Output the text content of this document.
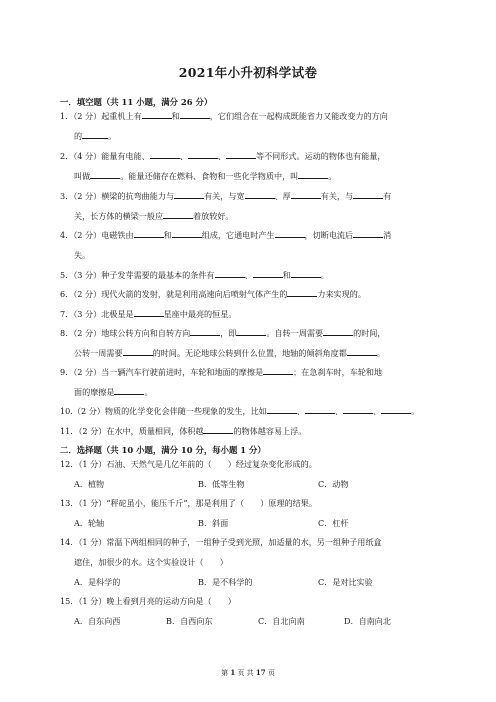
2021年小升初科学试卷
一．填空题（共 11 小题，满分 26 分）
1．（2 分）起重机上有	和	，它们组合在一起构成既能省力又能改变力的方向
的	。
2．（4 分）能量有电能、	、	、	等不同形式。运动的物体也有能量，
叫做	。能量还储存在燃料、食物和一些化学物质中，叫	。
3．（2 分）横梁的抗弯曲能力与	有关，与宽	、厚	有关，与	有
关，长方体的横梁一般应	着放较好。
4．（2 分）电磁铁由	和	组成，它通电时产生	，切断电流后	消
失。
5．（3 分）种子发芽需要的最基本的条件有	、	和	。
6．（2 分）现代火箭的发射，就是利用高速向后喷射气体产生的	力来实现的。
7．（3 分）北极星是	星座中最亮的恒星。
8．（2 分）地球公转方向和自转方向	，即	。自转一周需要	的时间，
公转一周需要	的时间。无论地球公转到什么位置，地轴的倾斜角度都	。
9．（2 分）当一辆汽车行驶前进时，车轮和地面的摩擦是	；在急刹车时，车轮和地
面的摩擦是	。
10.（2 分）物质的化学变化会伴随一些现象的发生，比如	、	、	、	。
11．（2 分）在水中，质量相同，体积越	的物体越容易上浮。
二．选择题（共 10 小题，满分 10 分，每小题 1 分）
12．（1 分）石油、天然气是几亿年前的（　　）经过复杂变化形成的。
A．植物	B．低等生物	C．动物
13．（1 分）“秤砣虽小，能压千斤”，那是利用了（　　）原理的结果。
A．轮轴	B．斜面	C．杠杆
14．（1 分）常温下两组相同的种子，一组种子受到光照，加适量的水，另一组种子用纸盒
遮住，加很少的水。这个实验设计（　　）
A．是科学的	B．是不科学的	C．是对比实验
15．（1 分）晚上看到月亮的运动方向是（　　）
A．自东向西	B．自西向东	C．自北向南	D．自南向北
第 1 页 共 17 页
